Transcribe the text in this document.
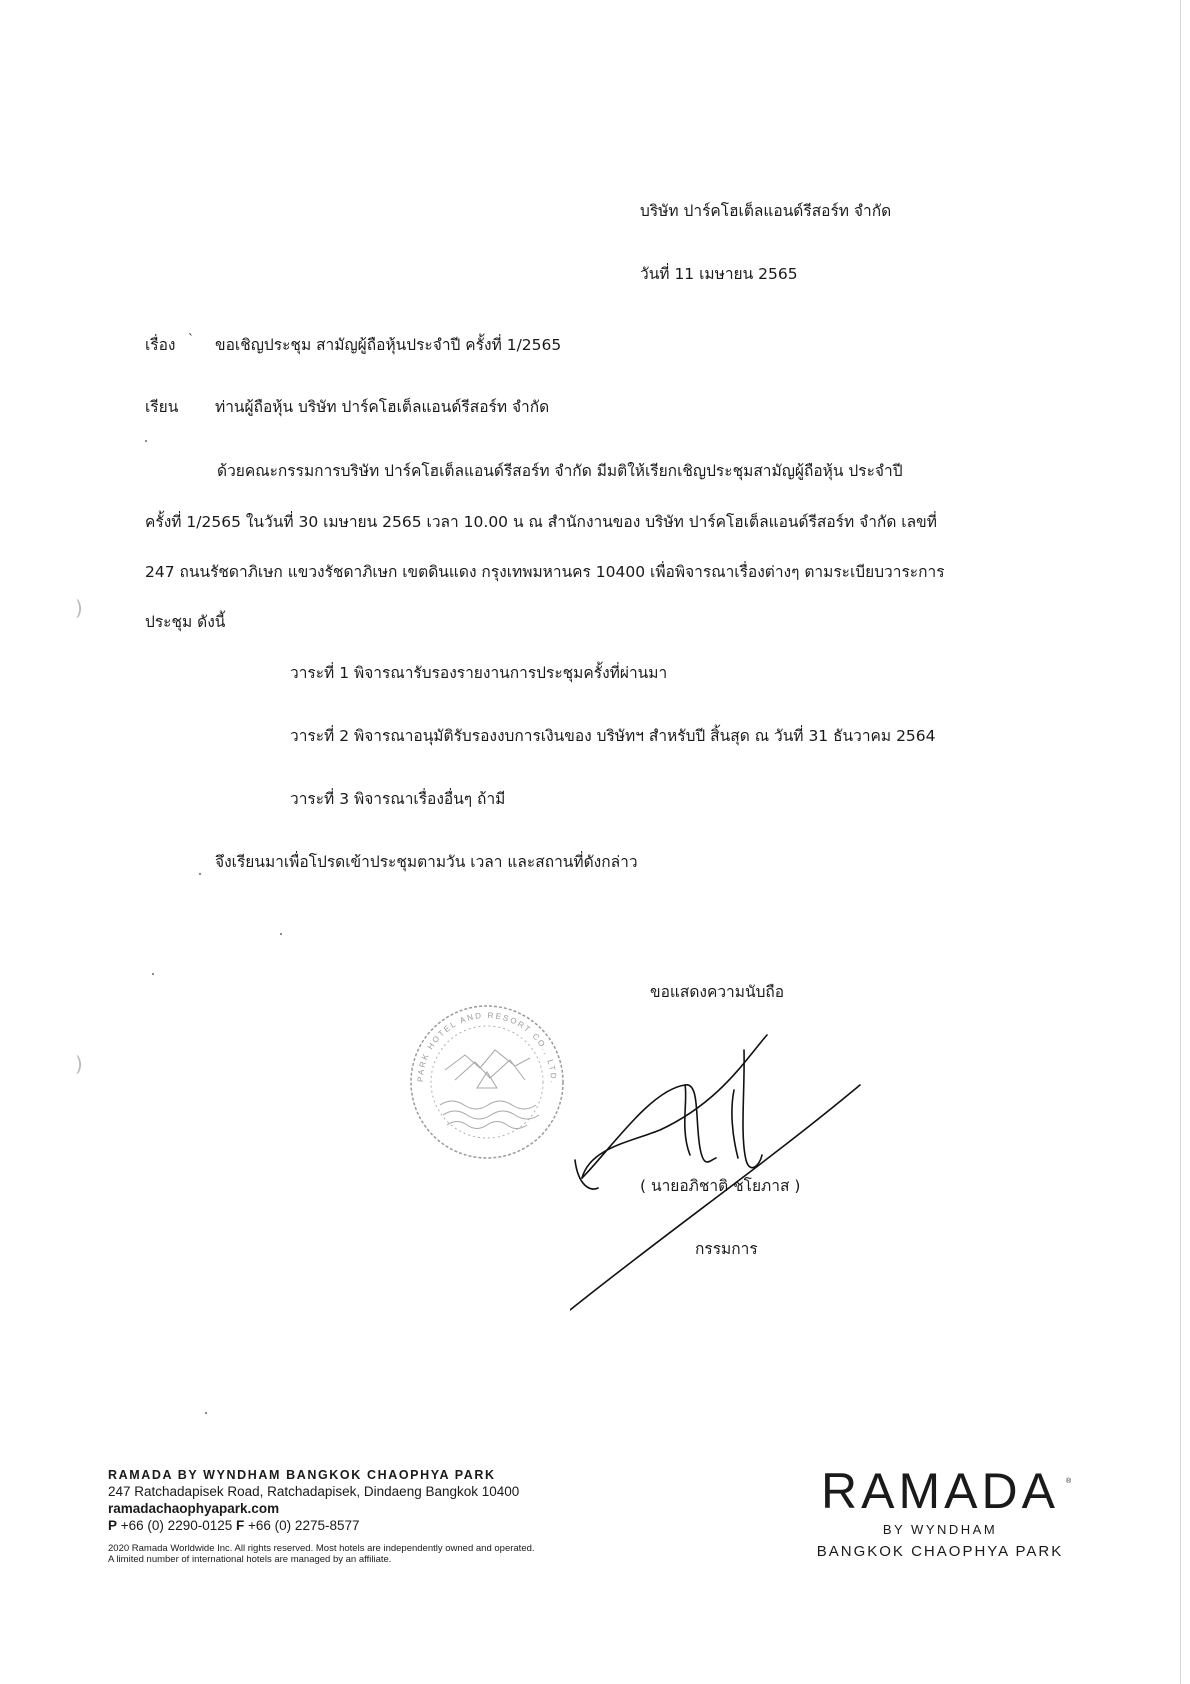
บริษัท ปาร์คโฮเต็ลแอนด์รีสอร์ท จำกัด
วันที่ 11 เมษายน 2565
เรื่อง ` ขอเชิญประชุม สามัญผู้ถือหุ้นประจำปี ครั้งที่ 1/2565
เรียน ท่านผู้ถือหุ้น บริษัท ปาร์คโฮเต็ลแอนด์รีสอร์ท จำกัด
ด้วยคณะกรรมการบริษัท ปาร์คโฮเต็ลแอนด์รีสอร์ท จำกัด มีมติให้เรียกเชิญประชุมสามัญผู้ถือหุ้น ประจำปี
ครั้งที่ 1/2565 ในวันที่ 30 เมษายน 2565 เวลา 10.00 น ณ สำนักงานของ บริษัท ปาร์คโฮเต็ลแอนด์รีสอร์ท จำกัด เลขที่
247 ถนนรัชดาภิเษก แขวงรัชดาภิเษก เขตดินแดง กรุงเทพมหานคร 10400 เพื่อพิจารณาเรื่องต่างๆ ตามระเบียบวาระการ
ประชุม ดังนี้
วาระที่ 1 พิจารณารับรองรายงานการประชุมครั้งที่ผ่านมา
วาระที่ 2 พิจารณาอนุมัติรับรองงบการเงินของ บริษัทฯ สำหรับปี สิ้นสุด ณ วันที่ 31 ธันวาคม 2564
วาระที่ 3 พิจารณาเรื่องอื่นๆ ถ้ามี
จึงเรียนมาเพื่อโปรดเข้าประชุมตามวัน เวลา และสถานที่ดังกล่าว
ขอแสดงความนับถือ
( นายอภิชาติ ชโยภาส )
กรรมการ
PARK HOTEL AND RESORT CO., LTD.
)
)
RAMADA BY WYNDHAM BANGKOK CHAOPHYA PARK
247 Ratchadapisek Road, Ratchadapisek, Dindaeng Bangkok 10400
ramadachaophyapark.com
P +66 (0) 2290-0125 F +66 (0) 2275-8577
2020 Ramada Worldwide Inc. All rights reserved. Most hotels are independently owned and operated.
A limited number of international hotels are managed by an affiliate.
RAMADA
BY WYNDHAM
BANGKOK CHAOPHYA PARK
®
